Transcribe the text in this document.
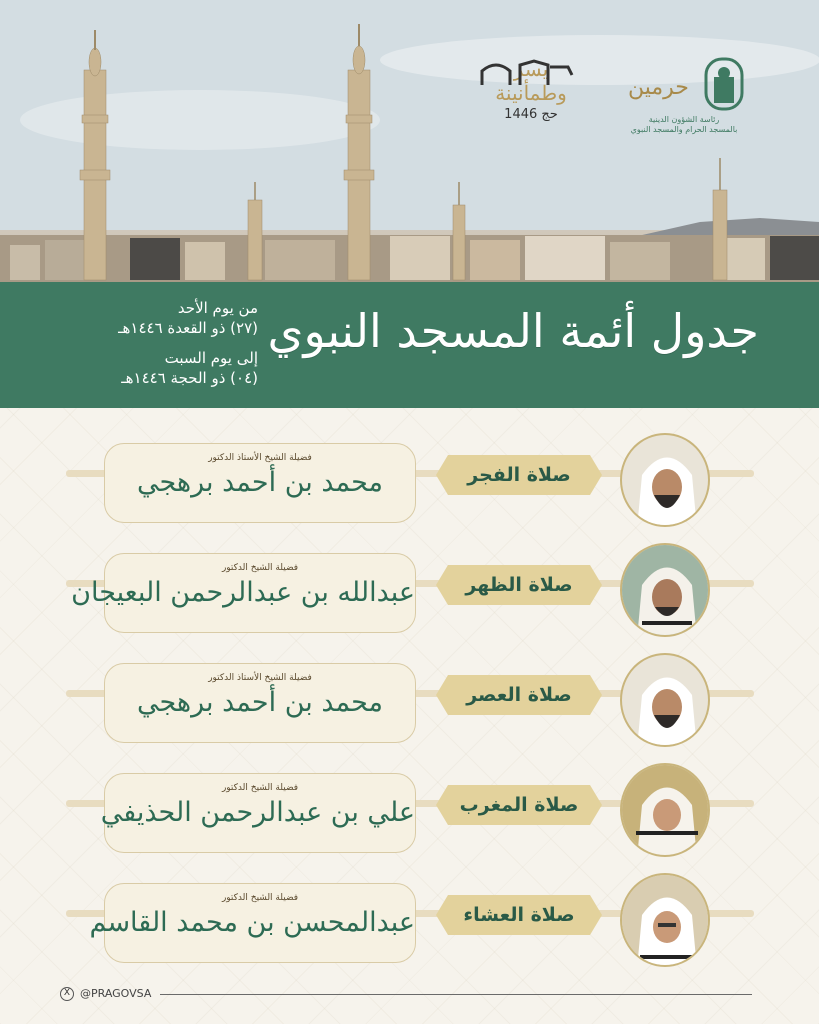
يسر وطمأنينة
حج 1446
حرمين
رئاسة الشؤون الدينية
بالمسجد الحرام والمسجد النبوي
من يوم الأحد
(٢٧) ذو القعدة ١٤٤٦هـ
إلى يوم السبت
(٠٤) ذو الحجة ١٤٤٦هـ
جدول أئمة المسجد النبوي
فضيلة الشيخ الأستاذ الدكتور
محمد بن أحمد برهجي	صلاة الفجر
فضيلة الشيخ الدكتور
عبدالله بن عبدالرحمن البعيجان	صلاة الظهر
فضيلة الشيخ الأستاذ الدكتور
محمد بن أحمد برهجي	صلاة العصر
فضيلة الشيخ الدكتور
علي بن عبدالرحمن الحذيفي	صلاة المغرب
فضيلة الشيخ الدكتور
عبدالمحسن بن محمد القاسم	صلاة العشاء
X @PRAGOVSA
